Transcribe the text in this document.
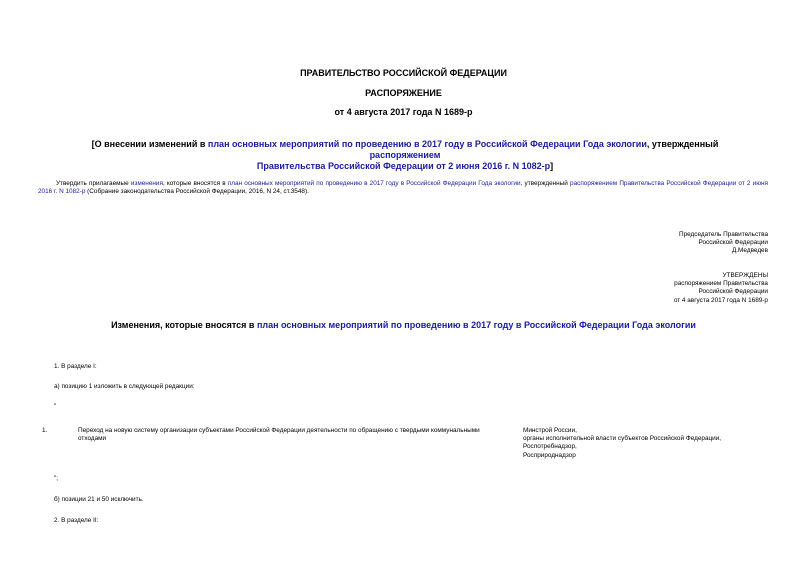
ПРАВИТЕЛЬСТВО РОССИЙСКОЙ ФЕДЕРАЦИИ
РАСПОРЯЖЕНИЕ
от 4 августа 2017 года N 1689-р
[О внесении изменений в план основных мероприятий по проведению в 2017 году в Российской Федерации Года экологии, утвержденный распоряжением
Правительства Российской Федерации от 2 июня 2016 г. N 1082-р]
Утвердить прилагаемые изменения, которые вносятся в план основных мероприятий по проведению в 2017 году в Российской Федерации Года экологии, утвержденный распоряжением Правительства Российской Федерации от 2 июня 2016 г. N 1082-р (Собрание законодательства Российской Федерации, 2016, N 24, ст.3548).
Председатель Правительства
Российской Федерации
Д.Медведев
УТВЕРЖДЕНЫ
распоряжением Правительства
Российской Федерации
от 4 августа 2017 года N 1689-р
Изменения, которые вносятся в план основных мероприятий по проведению в 2017 году в Российской Федерации Года экологии
1. В разделе I:
а) позицию 1 изложить в следующей редакции:
"
1.	Переход на новую систему организации субъектами Российской Федерации деятельности по обращению с твердыми коммунальными отходами
Минстрой России,
органы исполнительной власти субъектов Российской Федерации,
Роспотребнадзор,
Росприроднадзор
";
б) позиции 21 и 50 исключить.
2. В разделе II:
